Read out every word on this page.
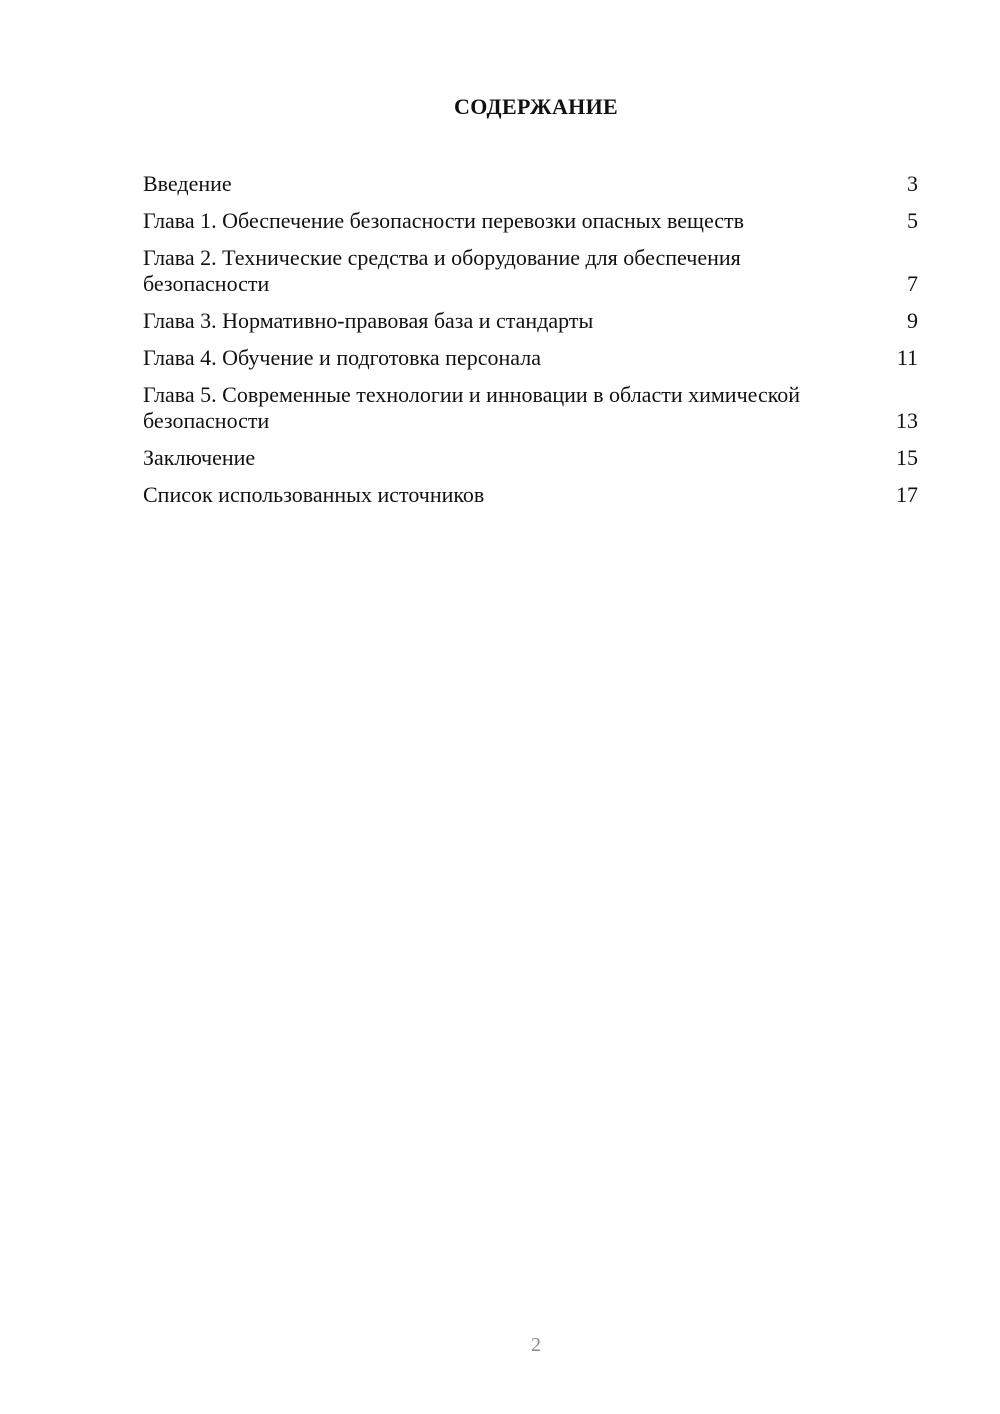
СОДЕРЖАНИЕ
Введение	3
Глава 1. Обеспечение безопасности перевозки опасных веществ	5
Глава 2. Технические средства и оборудование для обеспечения безопасности	7
Глава 3. Нормативно-правовая база и стандарты	9
Глава 4. Обучение и подготовка персонала	11
Глава 5. Современные технологии и инновации в области химической безопасности	13
Заключение	15
Список использованных источников	17
2
